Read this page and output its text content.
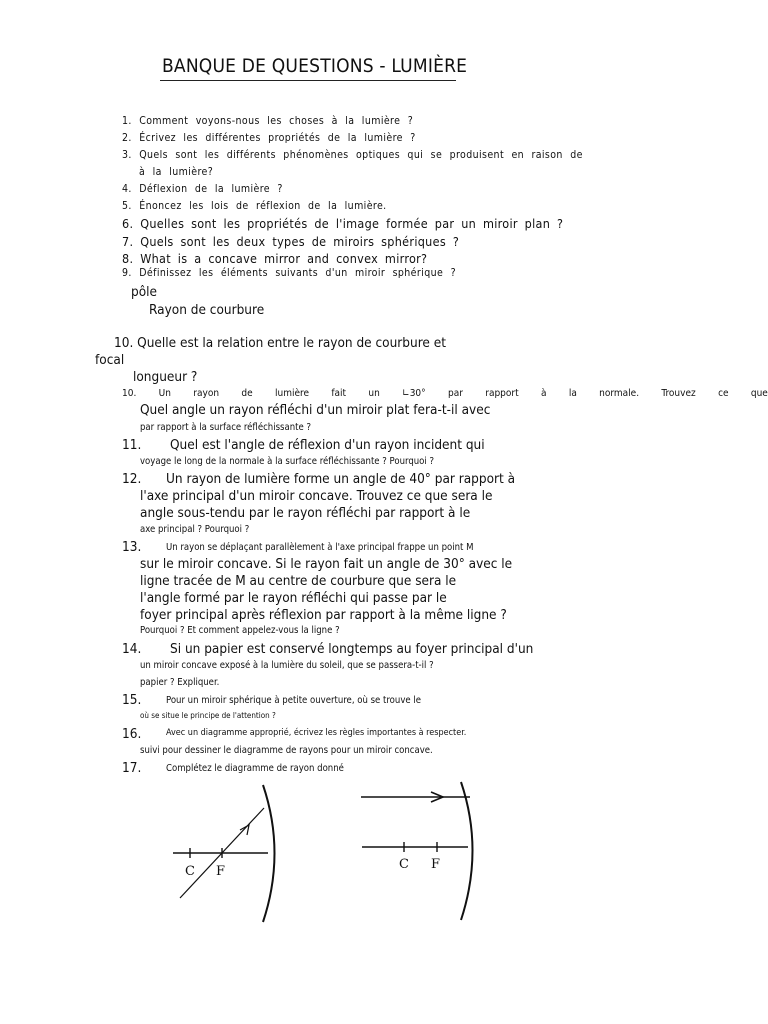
BANQUE DE QUESTIONS - LUMIÈRE
1. Comment voyons-nous les choses à la lumière ?
2. Écrivez les différentes propriétés de la lumière ?
3. Quels sont les différents phénomènes optiques qui se produisent en raison de
à la lumière?
4. Déflexion de la lumière ?
5. Énoncez les lois de réflexion de la lumière.
6. Quelles sont les propriétés de l'image formée par un miroir plan ?
7. Quels sont les deux types de miroirs sphériques ?
8. What is a concave mirror and convex mirror?
9. Définissez les éléments suivants d'un miroir sphérique ?
pôle
Rayon de courbure
10. Quelle est la relation entre le rayon de courbure et
focal
longueur ?
10. Un rayon de lumière fait un ∟30° par rapport à la normale. Trouvez ce que
Quel angle un rayon réfléchi d'un miroir plat fera-t-il avec
par rapport à la surface réfléchissante ?
11. Quel est l'angle de réflexion d'un rayon incident qui
voyage le long de la normale à la surface réfléchissante ? Pourquoi ?
12. Un rayon de lumière forme un angle de 40° par rapport à
l'axe principal d'un miroir concave. Trouvez ce que sera le
angle sous-tendu par le rayon réfléchi par rapport à le
axe principal ? Pourquoi ?
13.	Un rayon se déplaçant parallèlement à l'axe principal frappe un point M
sur le miroir concave. Si le rayon fait un angle de 30° avec le
ligne tracée de M au centre de courbure que sera le
l'angle formé par le rayon réfléchi qui passe par le
foyer principal après réflexion par rapport à la même ligne ?
Pourquoi ? Et comment appelez-vous la ligne ?
14. Si un papier est conservé longtemps au foyer principal d'un
un miroir concave exposé à la lumière du soleil, que se passera-t-il ?
papier ? Expliquer.
15.	Pour un miroir sphérique à petite ouverture, où se trouve le
où se situe le principe de l'attention ?
16.	Avec un diagramme approprié, écrivez les règles importantes à respecter.
suivi pour dessiner le diagramme de rayons pour un miroir concave.
17.	Complétez le diagramme de rayon donné
C F	C F
